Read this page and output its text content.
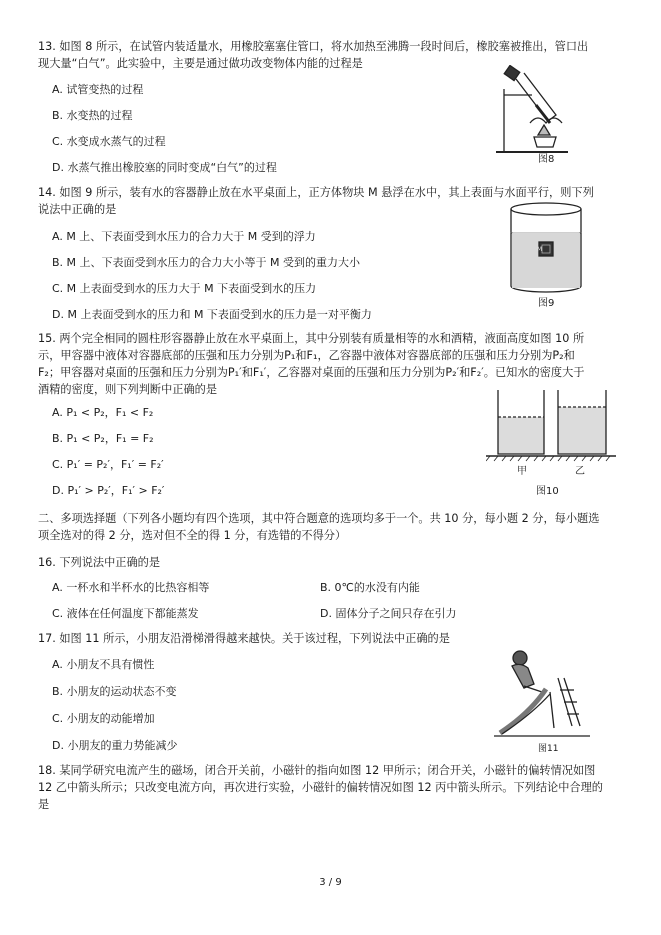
13. 如图 8 所示，在试管内装适量水，用橡胶塞塞住管口，将水加热至沸腾一段时间后，橡胶塞被推出，管口出
现大量“白气”。此实验中，主要是通过做功改变物体内能的过程是
A. 试管变热的过程
B. 水变热的过程
C. 水变成水蒸气的过程
D. 水蒸气推出橡胶塞的同时变成“白气”的过程
图8
14. 如图 9 所示，装有水的容器静止放在水平桌面上，正方体物块 M 悬浮在水中，其上表面与水面平行，则下列
说法中正确的是
A. M 上、下表面受到水压力的合力大于 M 受到的浮力
B. M 上、下表面受到水压力的合力大小等于 M 受到的重力大小
C. M 上表面受到水的压力大于 M 下表面受到水的压力
D. M 上表面受到水的压力和 M 下表面受到水的压力是一对平衡力
M
图9
15. 两个完全相同的圆柱形容器静止放在水平桌面上，其中分别装有质量相等的水和酒精，液面高度如图 10 所
示，甲容器中液体对容器底部的压强和压力分别为P₁和F₁，乙容器中液体对容器底部的压强和压力分别为P₂和
F₂；甲容器对桌面的压强和压力分别为P₁′和F₁′，乙容器对桌面的压强和压力分别为P₂′和F₂′。已知水的密度大于
酒精的密度，则下列判断中正确的是
A. P₁ < P₂，F₁ < F₂
B. P₁ < P₂，F₁ = F₂
C. P₁′ = P₂′，F₁′ = F₂′
D. P₁′ > P₂′，F₁′ > F₂′
甲	乙
图10
二、多项选择题（下列各小题均有四个选项，其中符合题意的选项均多于一个。共 10 分，每小题 2 分，每小题选
项全选对的得 2 分，选对但不全的得 1 分，有选错的不得分）
16. 下列说法中正确的是
A. 一杯水和半杯水的比热容相等	B. 0℃的水没有内能
C. 液体在任何温度下都能蒸发	D. 固体分子之间只存在引力
17. 如图 11 所示，小朋友沿滑梯滑得越来越快。关于该过程，下列说法中正确的是
A. 小朋友不具有惯性
B. 小朋友的运动状态不变
C. 小朋友的动能增加
D. 小朋友的重力势能减少	图11
18. 某同学研究电流产生的磁场，闭合开关前，小磁针的指向如图 12 甲所示；闭合开关，小磁针的偏转情况如图
12 乙中箭头所示；只改变电流方向，再次进行实验，小磁针的偏转情况如图 12 丙中箭头所示。下列结论中合理的
是
3 / 9
